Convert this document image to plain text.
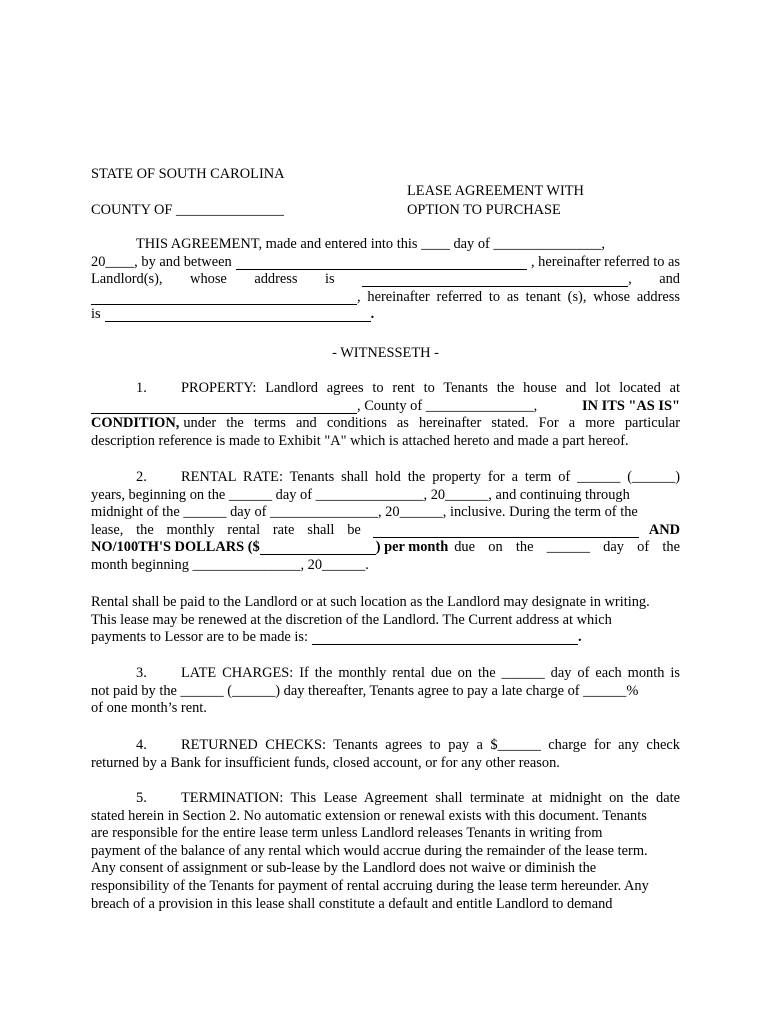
STATE OF SOUTH CAROLINA
LEASE AGREEMENT WITH
COUNTY OF _______________	OPTION TO PURCHASE
THIS AGREEMENT, made and entered into this ____ day of _______________,
20____, by and between	, hereinafter referred to as
Landlord(s), whose address is	, and
, hereinafter referred to as tenant (s), whose address
is	.
- WITNESSETH -
1.	PROPERTY: Landlord agrees to rent to Tenants the house and lot located at
, County of _______________,	IN ITS "AS IS"
CONDITION, under the terms and conditions as hereinafter stated. For a more particular
description reference is made to Exhibit "A" which is attached hereto and made a part hereof.
2.	RENTAL RATE: Tenants shall hold the property for a term of ______ (______)
years, beginning on the ______ day of _______________, 20______, and continuing through
midnight of the ______ day of _______________, 20______, inclusive. During the term of the
lease, the monthly rental rate shall be	AND
NO/100TH'S DOLLARS ($	) per month due on the ______ day of the
month beginning _______________, 20______.
Rental shall be paid to the Landlord or at such location as the Landlord may designate in writing.
This lease may be renewed at the discretion of the Landlord. The Current address at which
payments to Lessor are to be made is:	.
3.	LATE CHARGES: If the monthly rental due on the ______ day of each month is
not paid by the ______ (______) day thereafter, Tenants agree to pay a late charge of ______%
of one month’s rent.
4.	RETURNED CHECKS: Tenants agrees to pay a $______ charge for any check
returned by a Bank for insufficient funds, closed account, or for any other reason.
5.	TERMINATION: This Lease Agreement shall terminate at midnight on the date
stated herein in Section 2. No automatic extension or renewal exists with this document. Tenants
are responsible for the entire lease term unless Landlord releases Tenants in writing from
payment of the balance of any rental which would accrue during the remainder of the lease term.
Any consent of assignment or sub-lease by the Landlord does not waive or diminish the
responsibility of the Tenants for payment of rental accruing during the lease term hereunder. Any
breach of a provision in this lease shall constitute a default and entitle Landlord to demand
